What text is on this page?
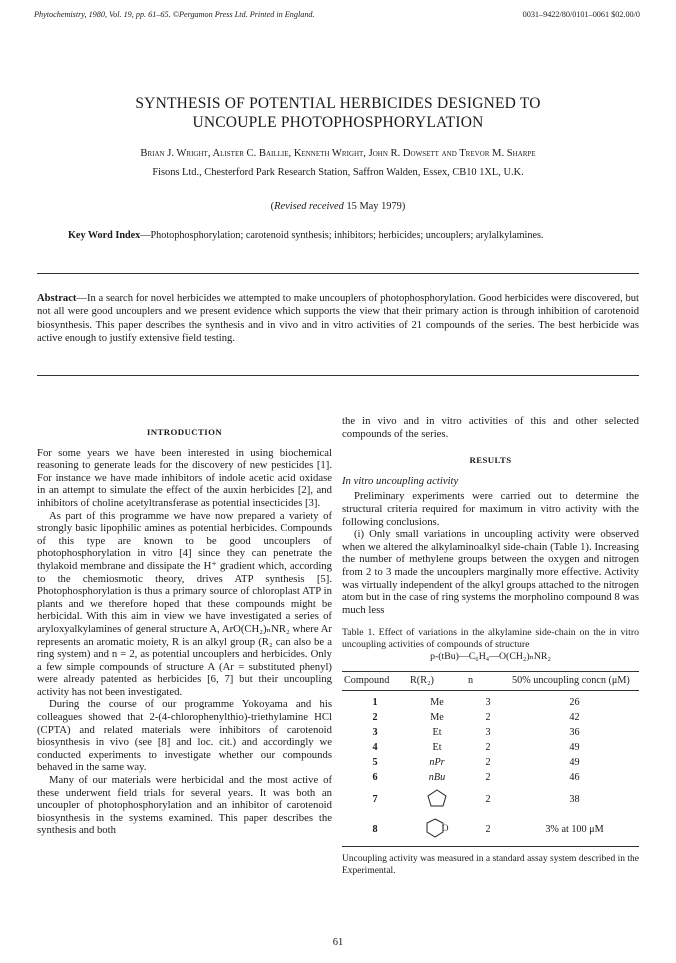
Phytochemistry, 1980, Vol. 19, pp. 61–65. ©Pergamon Press Ltd. Printed in England.	0031–9422/80/0101–0061 $02.00/0
SYNTHESIS OF POTENTIAL HERBICIDES DESIGNED TO
UNCOUPLE PHOTOPHOSPHORYLATION
Brian J. Wright, Alister C. Baillie, Kenneth Wright, John R. Dowsett and Trevor M. Sharpe
Fisons Ltd., Chesterford Park Research Station, Saffron Walden, Essex, CB10 1XL, U.K.
(Revised received 15 May 1979)
Key Word Index—Photophosphorylation; carotenoid synthesis; inhibitors; herbicides; uncouplers; arylalkylamines.
Abstract—In a search for novel herbicides we attempted to make uncouplers of photophosphorylation. Good herbicides were discovered, but not all were good uncouplers and we present evidence which supports the view that their primary action is through inhibition of carotenoid biosynthesis. This paper describes the synthesis and in vivo and in vitro activities of 21 compounds of the series. The best herbicide was active enough to justify extensive field testing.
INTRODUCTION

For some years we have been interested in using biochemical reasoning to generate leads for the discovery of new pesticides [1]. For instance we have made inhibitors of indole acetic acid oxidase in an attempt to simulate the effect of the auxin herbicides [2], and inhibitors of choline acetyltransferase as potential insecticides [3].

As part of this programme we have now prepared a variety of strongly basic lipophilic amines as potential herbicides. Compounds of this type are known to be good uncouplers of photophosphorylation in vitro [4] since they can penetrate the thylakoid membrane and dissipate the H⁺ gradient which, according to the chemiosmotic theory, drives ATP synthesis [5]. Photophosphorylation is thus a primary source of chloroplast ATP in plants and we therefore hoped that these compounds might be herbicidal. With this aim in view we have investigated a series of aryloxyalkylamines of general structure A, ArO(CH₂)ₙNR₂ where Ar represents an aromatic moiety, R is an alkyl group (R₂ can also be a ring system) and n = 2, as potential uncouplers and herbicides. Only a few simple compounds of structure A (Ar = substituted phenyl) were already patented as herbicides [6, 7] but their uncoupling activity has not been investigated.

During the course of our programme Yokoyama and his colleagues showed that 2-(4-chlorophenylthio)-triethylamine HCl (CPTA) and related materials were inhibitors of carotenoid biosynthesis in vivo (see [8] and loc. cit.) and accordingly we conducted experiments to investigate whether our compounds behaved in the same way.

Many of our materials were herbicidal and the most active of these underwent field trials for several years. It was both an uncoupler of photophosphorylation and an inhibitor of carotenoid biosynthesis in the systems examined. This paper describes the synthesis and both

the in vivo and in vitro activities of this and other selected compounds of the series.

RESULTS
In vitro uncoupling activity

Preliminary experiments were carried out to determine the structural criteria required for maximum in vitro activity with the following conclusions.

(i) Only small variations in uncoupling activity were observed when we altered the alkylaminoalkyl side-chain (Table 1). Increasing the number of methylene groups between the oxygen and nitrogen from 2 to 3 made the uncouplers marginally more effective. Activity was virtually independent of the alkyl groups attached to the nitrogen atom but in the case of ring systems the morpholino compound 8 was much less

Table 1. Effect of variations in the alkylamine side-chain on the in vitro uncoupling activities of compounds of structure
p-(tBu)—C₆H₄—O(CH₂)ₙNR₂
Compound	R(R₂)	n	50% uncoupling concn (μM)

1	Me	3	26
2	Me	2	42
3	Et	3	36
4	Et	2	49
5	nPr	2	49
6	nBu	2	46
7		2	38
8	O	2	3% at 100 μM
Uncoupling activity was measured in a standard assay system described in the Experimental.
61
